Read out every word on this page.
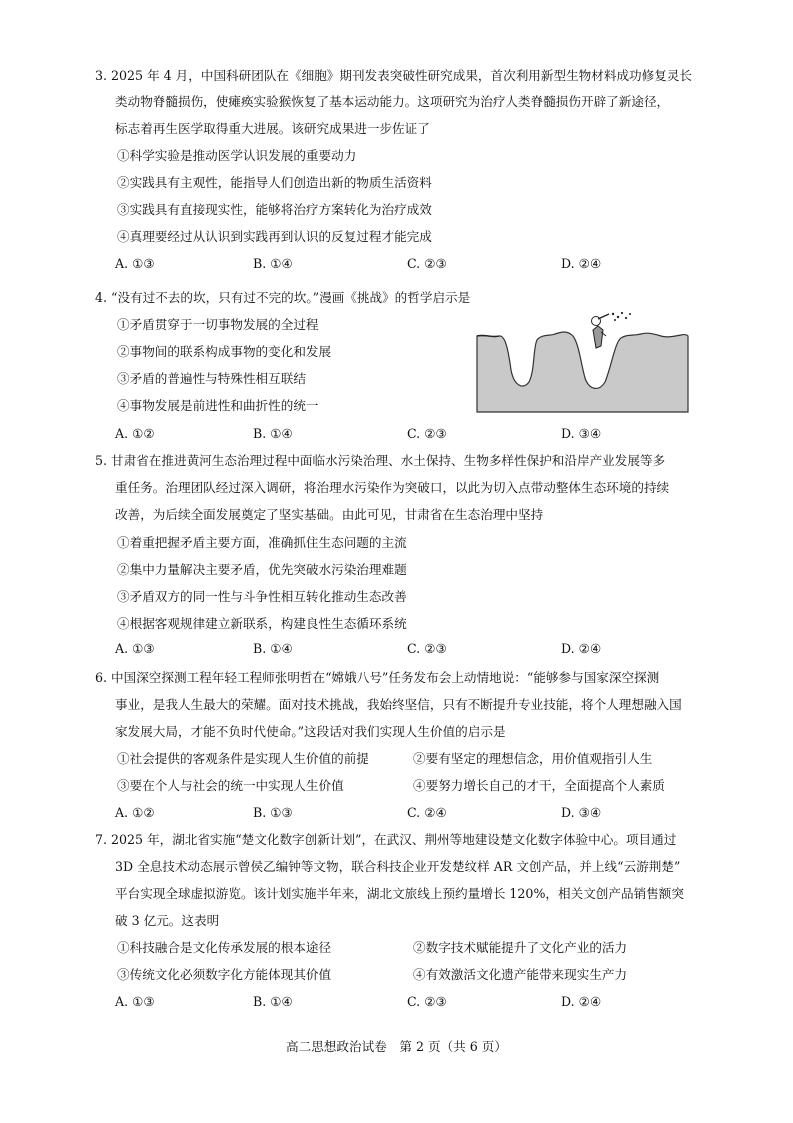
3. 2025 年 4 月，中国科研团队在《细胞》期刊发表突破性研究成果，首次利用新型生物材料成功修复灵长
类动物脊髓损伤，使瘫痪实验猴恢复了基本运动能力。这项研究为治疗人类脊髓损伤开辟了新途径，
标志着再生医学取得重大进展。该研究成果进一步佐证了
①科学实验是推动医学认识发展的重要动力
②实践具有主观性，能指导人们创造出新的物质生活资料
③实践具有直接现实性，能够将治疗方案转化为治疗成效
④真理要经过从认识到实践再到认识的反复过程才能完成
A. ①③	B. ①④	C. ②③	D. ②④
4. “没有过不去的坎，只有过不完的坎。”漫画《挑战》的哲学启示是
①矛盾贯穿于一切事物发展的全过程
②事物间的联系构成事物的变化和发展
③矛盾的普遍性与特殊性相互联结
④事物发展是前进性和曲折性的统一
A. ①②	B. ①④	C. ②③	D. ③④
5. 甘肃省在推进黄河生态治理过程中面临水污染治理、水土保持、生物多样性保护和沿岸产业发展等多
重任务。治理团队经过深入调研，将治理水污染作为突破口，以此为切入点带动整体生态环境的持续
改善，为后续全面发展奠定了坚实基础。由此可见，甘肃省在生态治理中坚持
①着重把握矛盾主要方面，准确抓住生态问题的主流
②集中力量解决主要矛盾，优先突破水污染治理难题
③矛盾双方的同一性与斗争性相互转化推动生态改善
④根据客观规律建立新联系，构建良性生态循环系统
A. ①③	B. ①④	C. ②③	D. ②④
6. 中国深空探测工程年轻工程师张明哲在“嫦娥八号”任务发布会上动情地说：“能够参与国家深空探测
事业，是我人生最大的荣耀。面对技术挑战，我始终坚信，只有不断提升专业技能，将个人理想融入国
家发展大局，才能不负时代使命。”这段话对我们实现人生价值的启示是
①社会提供的客观条件是实现人生价值的前提	②要有坚定的理想信念，用价值观指引人生
③要在个人与社会的统一中实现人生价值	④要努力增长自己的才干，全面提高个人素质
A. ①②	B. ①③	C. ②④	D. ③④
7. 2025 年，湖北省实施“楚文化数字创新计划”，在武汉、荆州等地建设楚文化数字体验中心。项目通过
3D 全息技术动态展示曾侯乙编钟等文物，联合科技企业开发楚纹样 AR 文创产品，并上线“云游荆楚”
平台实现全球虚拟游览。该计划实施半年来，湖北文旅线上预约量增长 120%，相关文创产品销售额突
破 3 亿元。这表明
①科技融合是文化传承发展的根本途径	②数字技术赋能提升了文化产业的活力
③传统文化必须数字化方能体现其价值	④有效激活文化遗产能带来现实生产力
A. ①③	B. ①④	C. ②③	D. ②④
高二思想政治试卷　第 2 页（共 6 页）
